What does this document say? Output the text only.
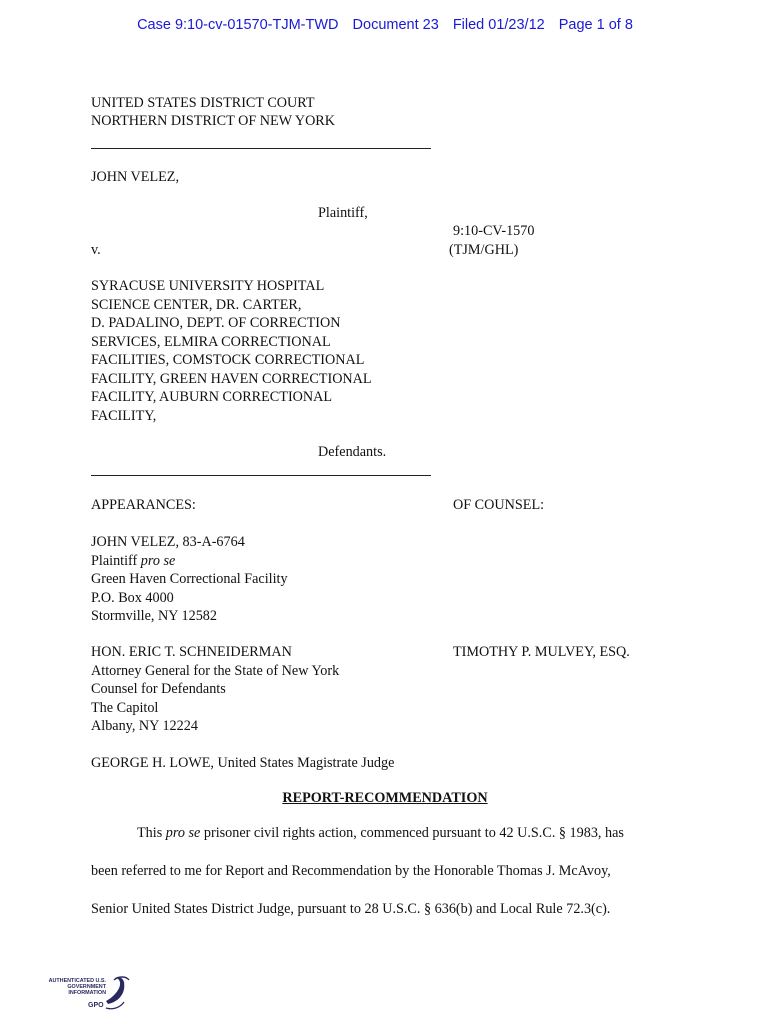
Case 9:10-cv-01570-TJM-TWD Document 23 Filed 01/23/12 Page 1 of 8
UNITED STATES DISTRICT COURT
NORTHERN DISTRICT OF NEW YORK
JOHN VELEZ,
Plaintiff,
9:10-CV-1570
v.	(TJM/GHL)
SYRACUSE UNIVERSITY HOSPITAL
SCIENCE CENTER, DR. CARTER,
D. PADALINO, DEPT. OF CORRECTION
SERVICES, ELMIRA CORRECTIONAL
FACILITIES, COMSTOCK CORRECTIONAL
FACILITY, GREEN HAVEN CORRECTIONAL
FACILITY, AUBURN CORRECTIONAL
FACILITY,
Defendants.
APPEARANCES:	OF COUNSEL:
JOHN VELEZ, 83-A-6764
Plaintiff pro se
Green Haven Correctional Facility
P.O. Box 4000
Stormville, NY 12582
HON. ERIC T. SCHNEIDERMAN
Attorney General for the State of New York
Counsel for Defendants
The Capitol
Albany, NY 12224
TIMOTHY P. MULVEY, ESQ.
GEORGE H. LOWE, United States Magistrate Judge
REPORT-RECOMMENDATION
This pro se prisoner civil rights action, commenced pursuant to 42 U.S.C. § 1983, has
been referred to me for Report and Recommendation by the Honorable Thomas J. McAvoy,
Senior United States District Judge, pursuant to 28 U.S.C. § 636(b) and Local Rule 72.3(c).
AUTHENTICATED U.S. GOVERNMENT INFORMATION
GPO
